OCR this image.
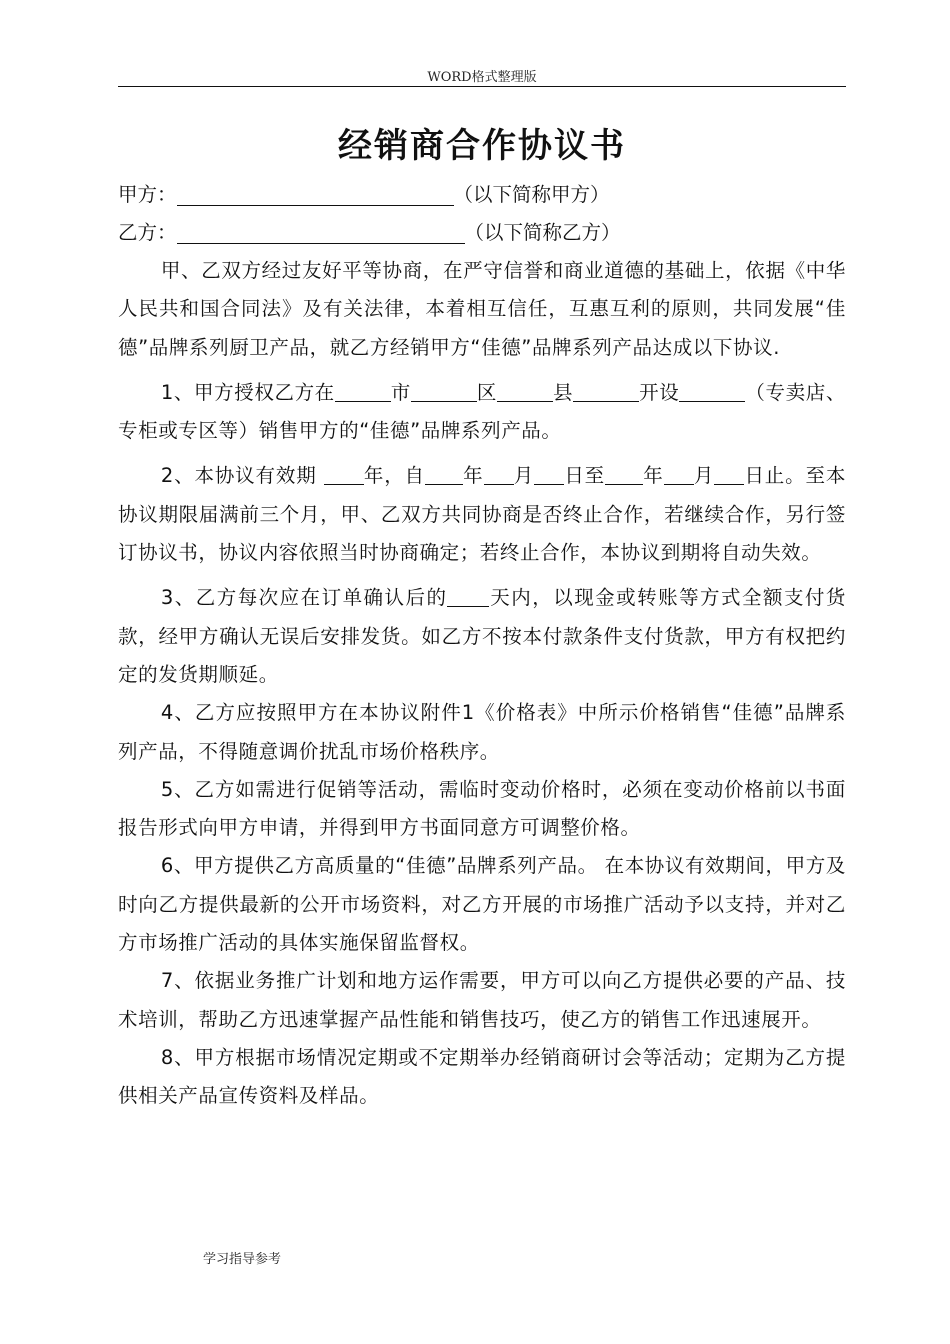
WORD格式整理版
经销商合作协议书
甲方：	（以下简称甲方）
乙方：	（以下简称乙方）

甲、乙双方经过友好平等协商，在严守信誉和商业道德的基础上，依据《中华人民共和国合同法》及有关法律，本着相互信任，互惠互利的原则，共同发展“佳德”品牌系列厨卫产品，就乙方经销甲方“佳德”品牌系列产品达成以下协议.

1、甲方授权乙方在	市	区	县	开设	（专卖店、专柜或专区等）销售甲方的“佳德”品牌系列产品。

2、本协议有效期 年，自 年 月 日至 年 月 日止。至本协议期限届满前三个月，甲、乙双方共同协商是否终止合作，若继续合作，另行签订协议书，协议内容依照当时协商确定；若终止合作，本协议到期将自动失效。

3、乙方每次应在订单确认后的 天内，以现金或转账等方式全额支付货款，经甲方确认无误后安排发货。如乙方不按本付款条件支付货款，甲方有权把约定的发货期顺延。

4、乙方应按照甲方在本协议附件1《价格表》中所示价格销售“佳德”品牌系列产品，不得随意调价扰乱市场价格秩序。

5、乙方如需进行促销等活动，需临时变动价格时，必须在变动价格前以书面报告形式向甲方申请，并得到甲方书面同意方可调整价格。

6、甲方提供乙方高质量的“佳德”品牌系列产品。 在本协议有效期间，甲方及时向乙方提供最新的公开市场资料，对乙方开展的市场推广活动予以支持，并对乙方市场推广活动的具体实施保留监督权。

7、依据业务推广计划和地方运作需要，甲方可以向乙方提供必要的产品、技术培训，帮助乙方迅速掌握产品性能和销售技巧，使乙方的销售工作迅速展开。

8、甲方根据市场情况定期或不定期举办经销商研讨会等活动；定期为乙方提供相关产品宣传资料及样品。

学习指导参考
